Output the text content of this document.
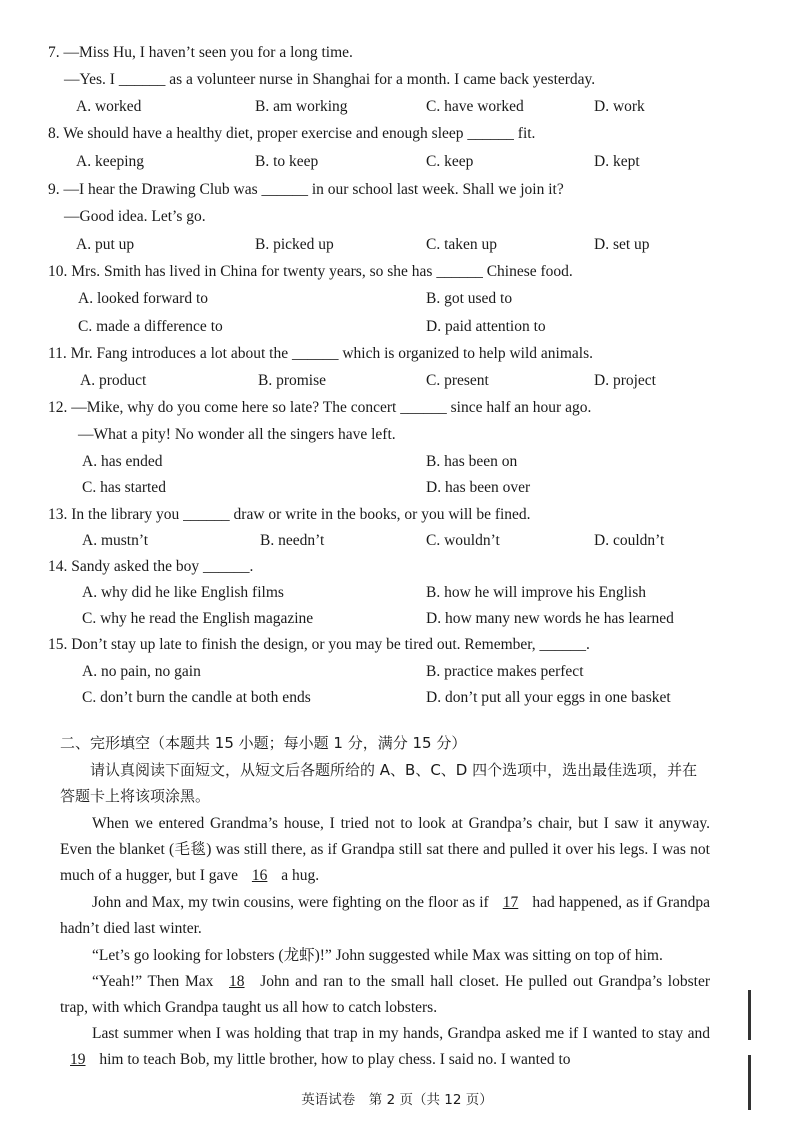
7. —Miss Hu, I haven’t seen you for a long time.
—Yes. I ______ as a volunteer nurse in Shanghai for a month. I came back yesterday.
A. worked	B. am working	C. have worked	D. work
8. We should have a healthy diet, proper exercise and enough sleep ______ fit.
A. keeping	B. to keep	C. keep	D. kept
9. —I hear the Drawing Club was ______ in our school last week. Shall we join it?
—Good idea. Let’s go.
A. put up	B. picked up	C. taken up	D. set up
10. Mrs. Smith has lived in China for twenty years, so she has ______ Chinese food.
A. looked forward to	B. got used to
C. made a difference to	D. paid attention to
11. Mr. Fang introduces a lot about the ______ which is organized to help wild animals.
A. product	B. promise	C. present	D. project
12. —Mike, why do you come here so late? The concert ______ since half an hour ago.
—What a pity! No wonder all the singers have left.
A. has ended	B. has been on
C. has started	D. has been over
13. In the library you ______ draw or write in the books, or you will be fined.
A. mustn’t	B. needn’t	C. wouldn’t	D. couldn’t
14. Sandy asked the boy ______.
A. why did he like English films	B. how he will improve his English
C. why he read the English magazine	D. how many new words he has learned
15. Don’t stay up late to finish the design, or you may be tired out. Remember, ______.
A. no pain, no gain	B. practice makes perfect
C. don’t burn the candle at both ends	D. don’t put all your eggs in one basket
二、完形填空（本题共 15 小题；每小题 1 分，满分 15 分）
请认真阅读下面短文，从短文后各题所给的 A、B、C、D 四个选项中，选出最佳选项，并在答题卡上将该项涂黑。
When we entered Grandma’s house, I tried not to look at Grandpa’s chair, but I saw it anyway. Even the blanket (毛毯) was still there, as if Grandpa still sat there and pulled it over his legs. I was not much of a hugger, but I gave 16 a hug.
John and Max, my twin cousins, were fighting on the floor as if 17 had happened, as if Grandpa hadn’t died last winter.
“Let’s go looking for lobsters (龙虾)!” John suggested while Max was sitting on top of him.
“Yeah!” Then Max 18 John and ran to the small hall closet. He pulled out Grandpa’s lobster trap, with which Grandpa taught us all how to catch lobsters.
Last summer when I was holding that trap in my hands, Grandpa asked me if I wanted to stay and 19 him to teach Bob, my little brother, how to play chess. I said no. I wanted to
英语试卷　第 2 页（共 12 页）
